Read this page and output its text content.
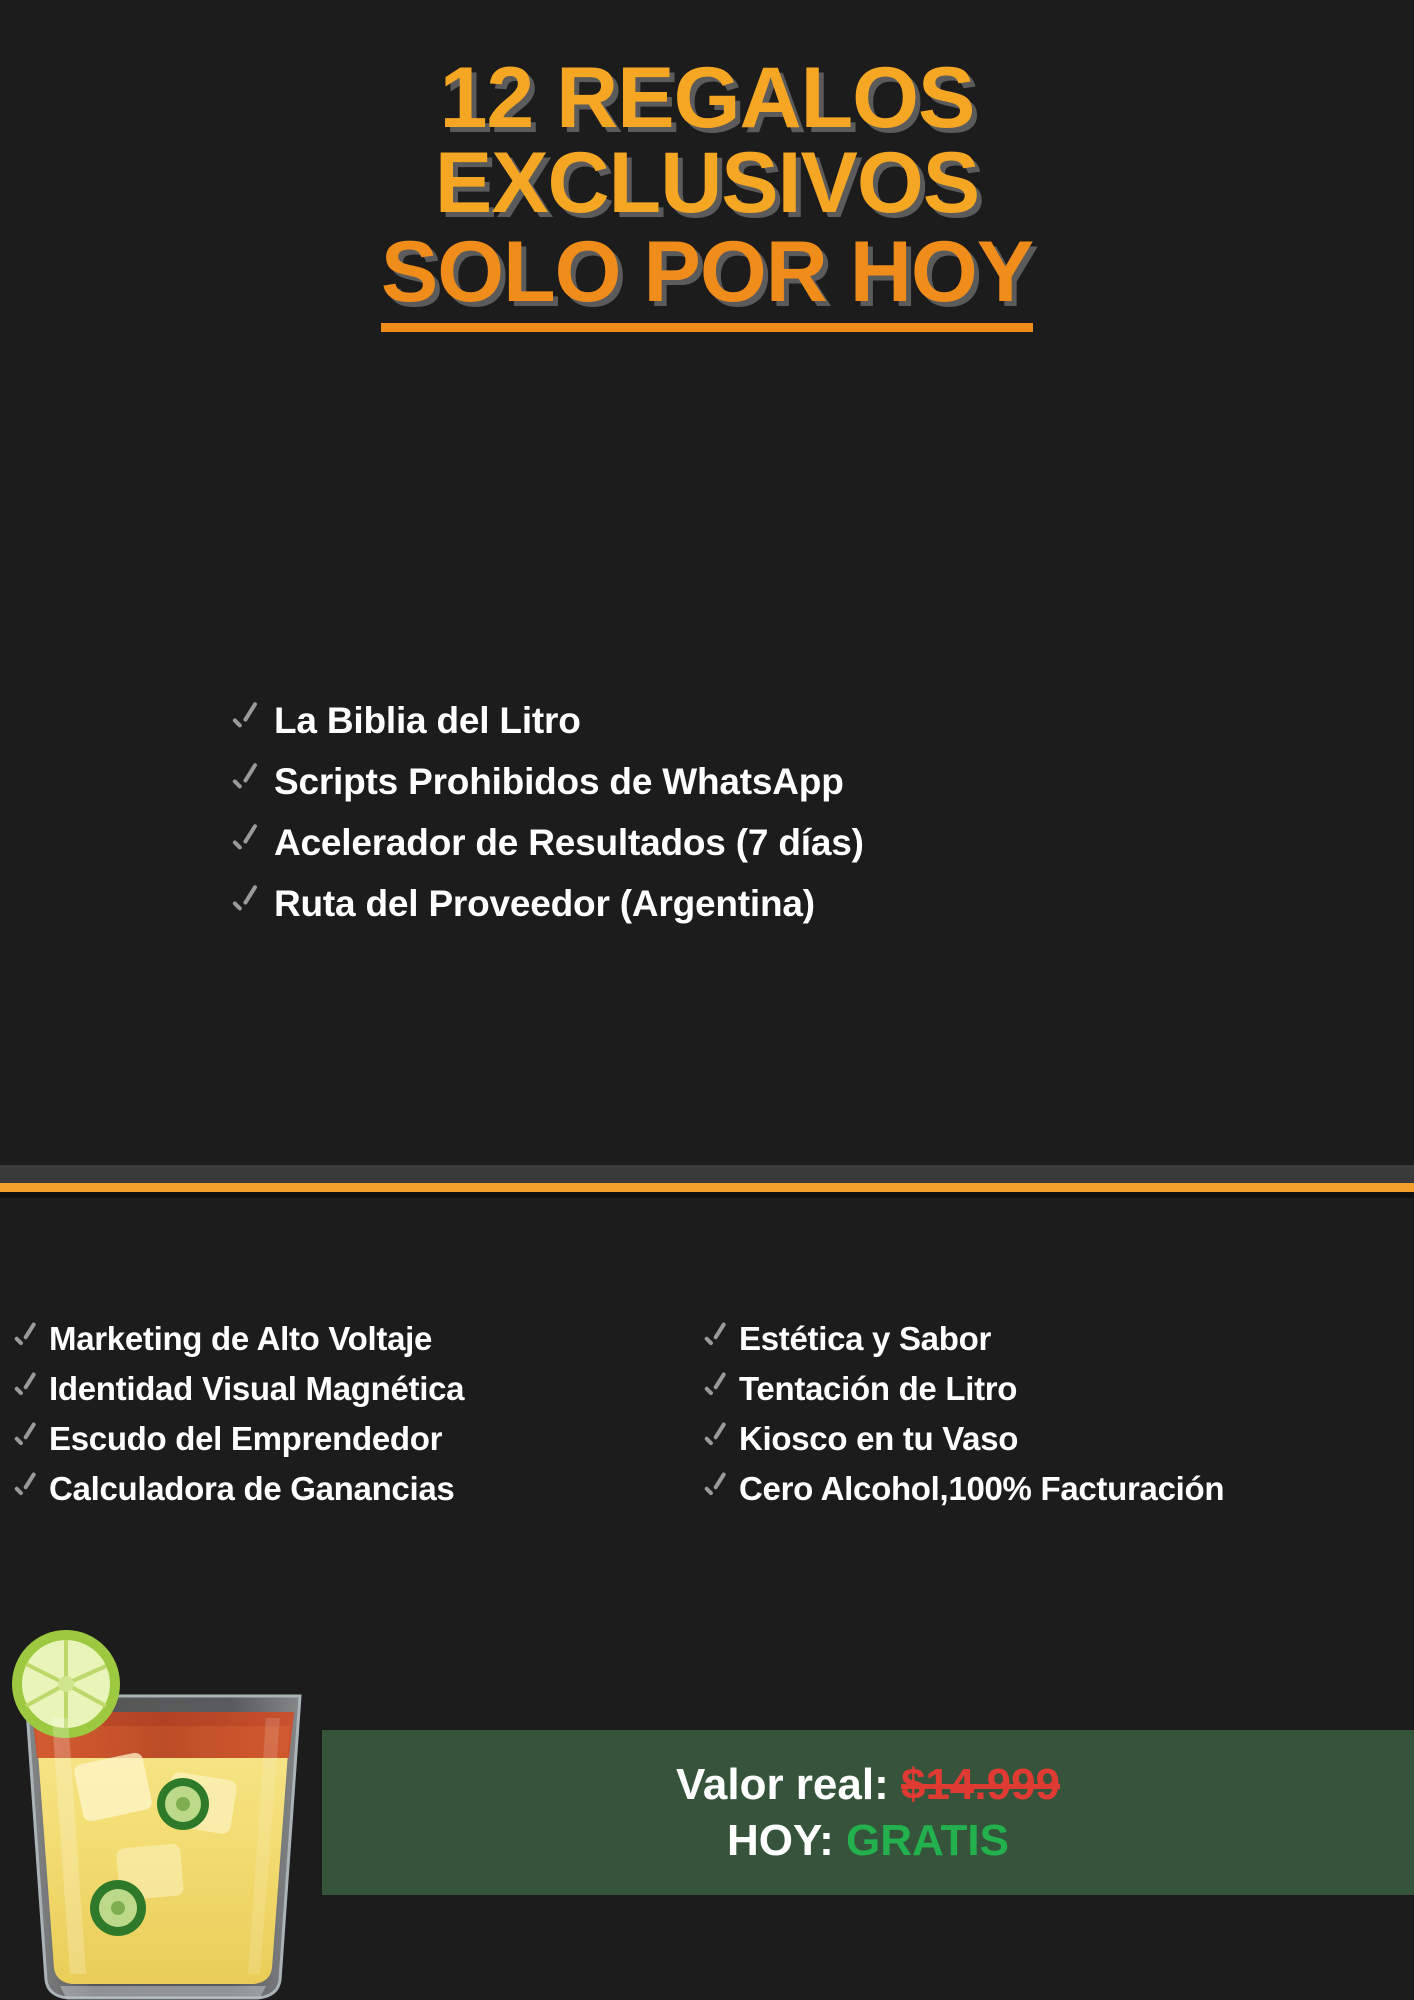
12 REGALOS
EXCLUSIVOS
SOLO POR HOY
La Biblia del Litro
Scripts Prohibidos de WhatsApp
Acelerador de Resultados (7 días)
Ruta del Proveedor (Argentina)
Marketing de Alto Voltaje
Identidad Visual Magnética
Escudo del Emprendedor
Calculadora de Ganancias
Estética y Sabor
Tentación de Litro
Kiosco en tu Vaso
Cero Alcohol,100% Facturación
Valor real: $14.999
HOY: GRATIS
